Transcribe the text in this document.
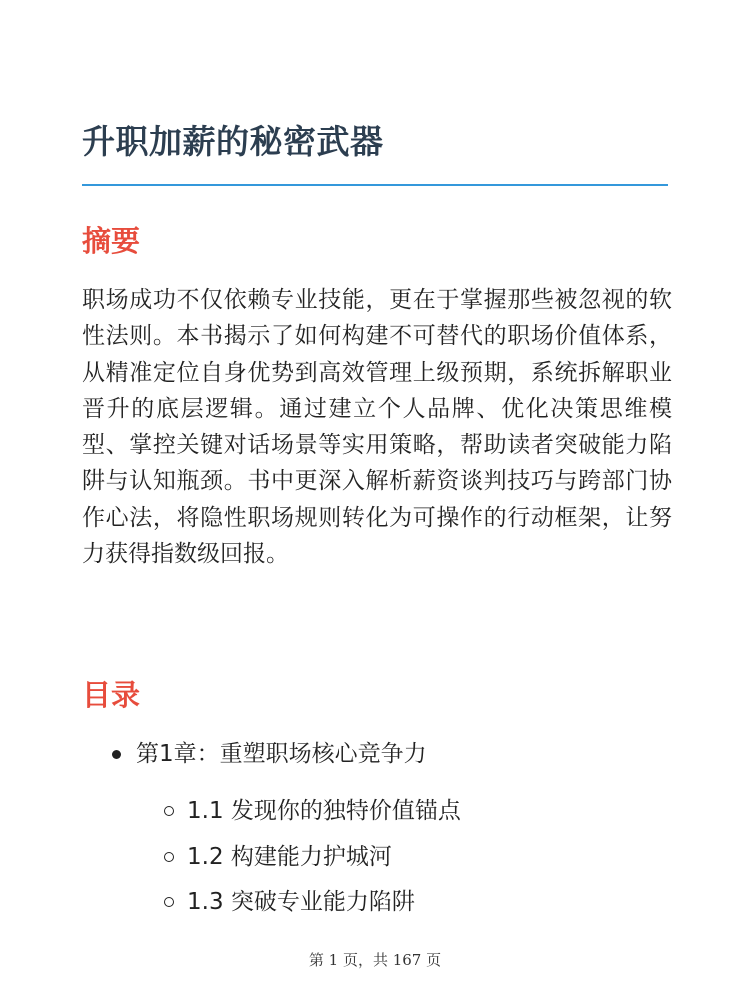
升职加薪的秘密武器
摘要

职场成功不仅依赖专业技能，更在于掌握那些被忽视的软性法则。本书揭示了如何构建不可替代的职场价值体系，从精准定位自身优势到高效管理上级预期，系统拆解职业晋升的底层逻辑。通过建立个人品牌、优化决策思维模型、掌控关键对话场景等实用策略，帮助读者突破能力陷阱与认知瓶颈。书中更深入解析薪资谈判技巧与跨部门协作心法，将隐性职场规则转化为可操作的行动框架，让努力获得指数级回报。

目录
第1章：重塑职场核心竞争力
1.1 发现你的独特价值锚点
1.2 构建能力护城河
1.3 突破专业能力陷阱
第 1 页，共 167 页
